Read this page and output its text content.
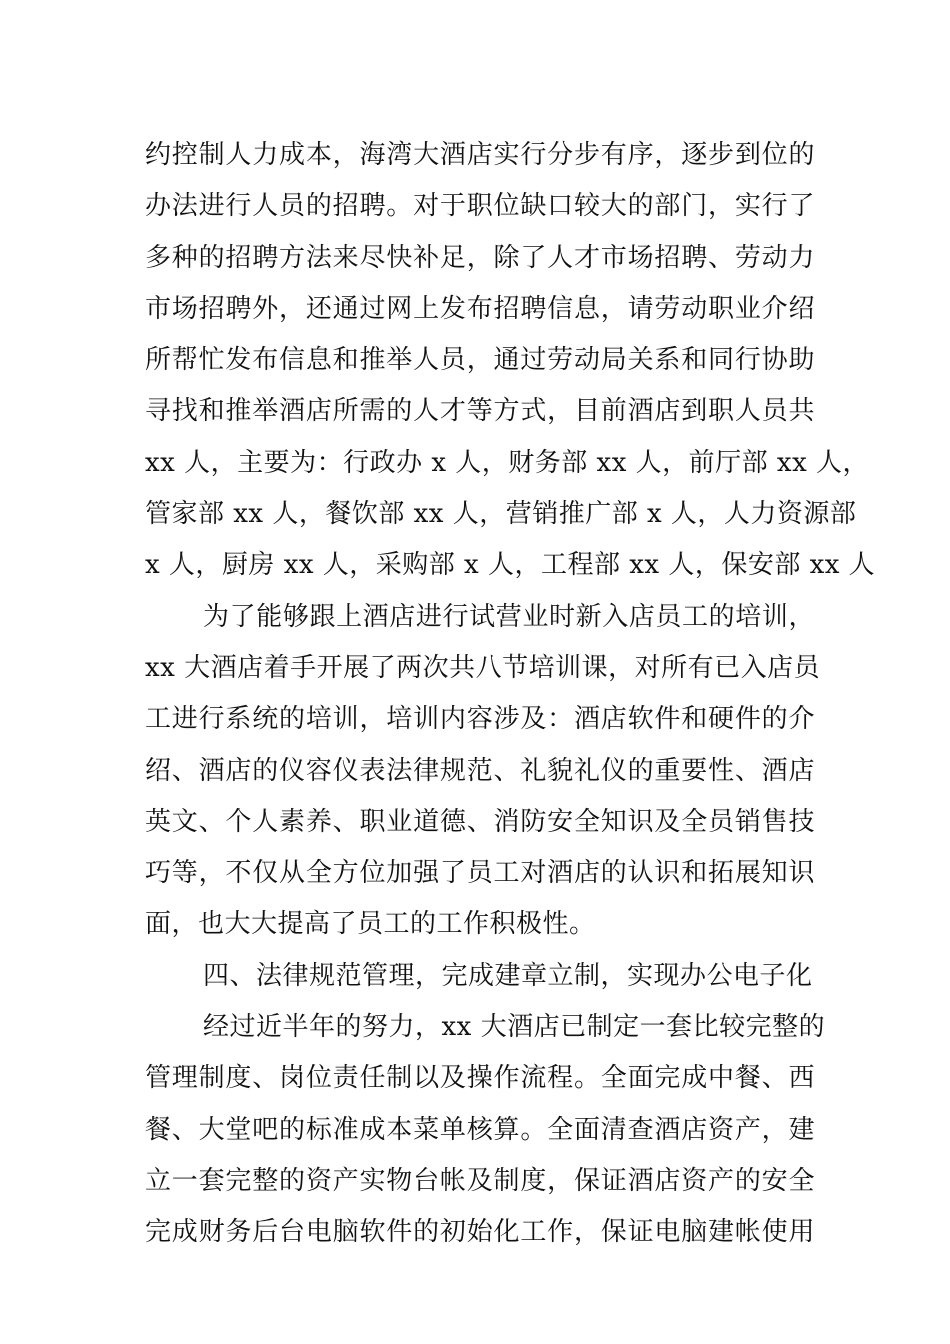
约控制人力成本，海湾大酒店实行分步有序，逐步到位的
办法进行人员的招聘。对于职位缺口较大的部门，实行了
多种的招聘方法来尽快补足，除了人才市场招聘、劳动力
市场招聘外，还通过网上发布招聘信息，请劳动职业介绍
所帮忙发布信息和推举人员，通过劳动局关系和同行协助
寻找和推举酒店所需的人才等方式，目前酒店到职人员共
xx 人，主要为：行政办 x 人，财务部 xx 人，前厅部 xx 人，
管家部 xx 人，餐饮部 xx 人，营销推广部 x 人，人力资源部
x 人，厨房 xx 人，采购部 x 人，工程部 xx 人，保安部 xx 人
为了能够跟上酒店进行试营业时新入店员工的培训，
xx 大酒店着手开展了两次共八节培训课，对所有已入店员
工进行系统的培训，培训内容涉及：酒店软件和硬件的介
绍、酒店的仪容仪表法律规范、礼貌礼仪的重要性、酒店
英文、个人素养、职业道德、消防安全知识及全员销售技
巧等，不仅从全方位加强了员工对酒店的认识和拓展知识
面，也大大提高了员工的工作积极性。
四、法律规范管理，完成建章立制，实现办公电子化
经过近半年的努力，xx 大酒店已制定一套比较完整的
管理制度、岗位责任制以及操作流程。全面完成中餐、西
餐、大堂吧的标准成本菜单核算。全面清查酒店资产，建
立一套完整的资产实物台帐及制度，保证酒店资产的安全
完成财务后台电脑软件的初始化工作，保证电脑建帐使用
